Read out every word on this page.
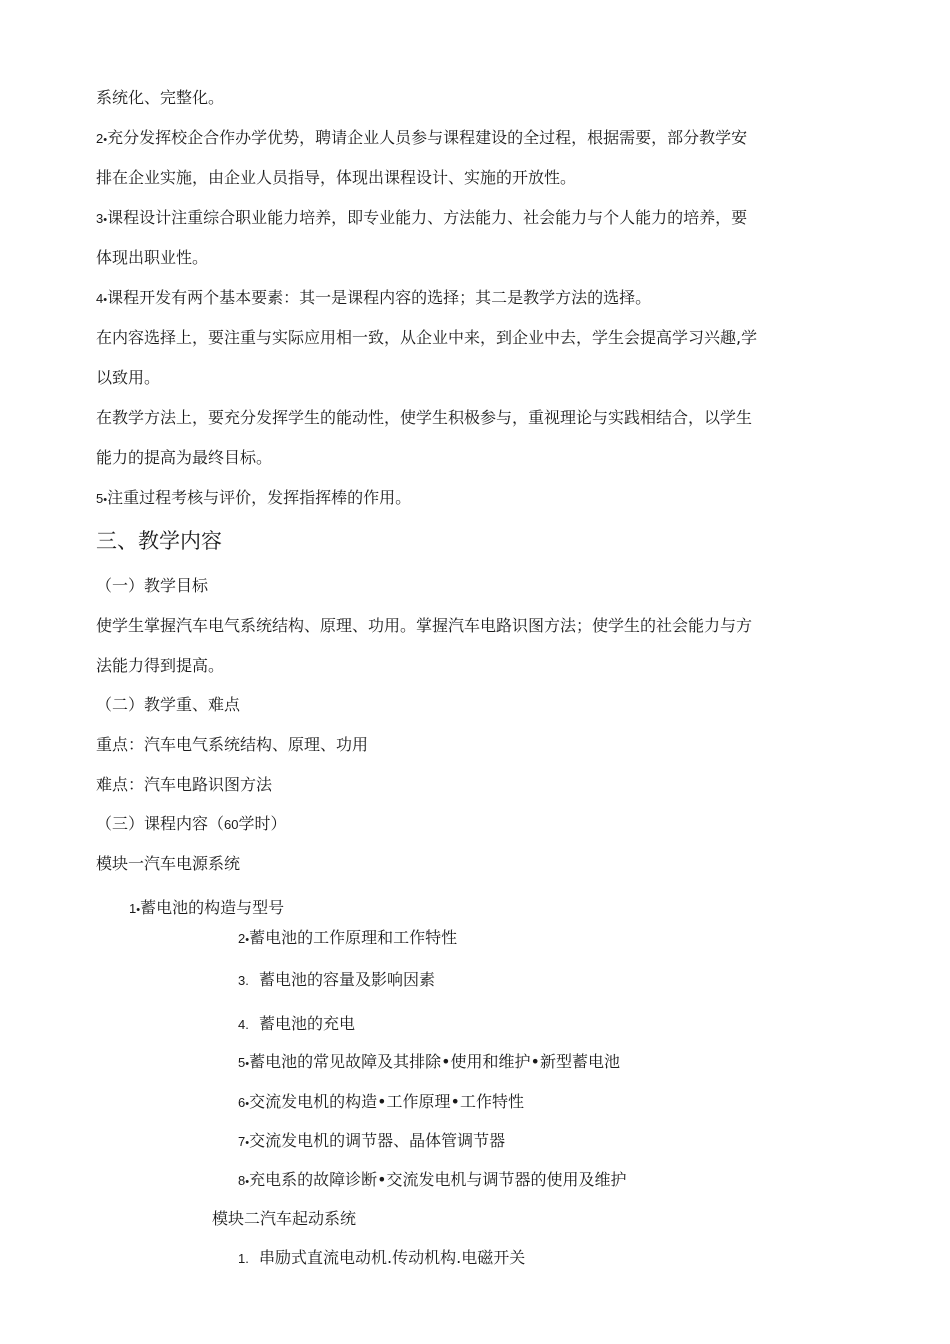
系统化、完整化。
2•充分发挥校企合作办学优势，聘请企业人员参与课程建设的全过程，根据需要，部分教学安
排在企业实施，由企业人员指导，体现出课程设计、实施的开放性。
3•课程设计注重综合职业能力培养，即专业能力、方法能力、社会能力与个人能力的培养，要
体现出职业性。
4•课程开发有两个基本要素：其一是课程内容的选择；其二是教学方法的选择。
在内容选择上，要注重与实际应用相一致，从企业中来，到企业中去，学生会提高学习兴趣,学
以致用。
在教学方法上，要充分发挥学生的能动性，使学生积极参与，重视理论与实践相结合，以学生
能力的提高为最终目标。
5•注重过程考核与评价，发挥指挥棒的作用。
三、教学内容
（一）教学目标
使学生掌握汽车电气系统结构、原理、功用。掌握汽车电路识图方法；使学生的社会能力与方
法能力得到提高。
（二）教学重、难点
重点：汽车电气系统结构、原理、功用
难点：汽车电路识图方法
（三）课程内容（60学时）
模块一汽车电源系统
1•蓄电池的构造与型号
2•蓄电池的工作原理和工作特性
3. 蓄电池的容量及影响因素
4. 蓄电池的充电
5•蓄电池的常见故障及其排除•使用和维护•新型蓄电池
6•交流发电机的构造•工作原理•工作特性
7•交流发电机的调节器、晶体管调节器
8•充电系的故障诊断•交流发电机与调节器的使用及维护
模块二汽车起动系统
1. 串励式直流电动机.传动机构.电磁开关
